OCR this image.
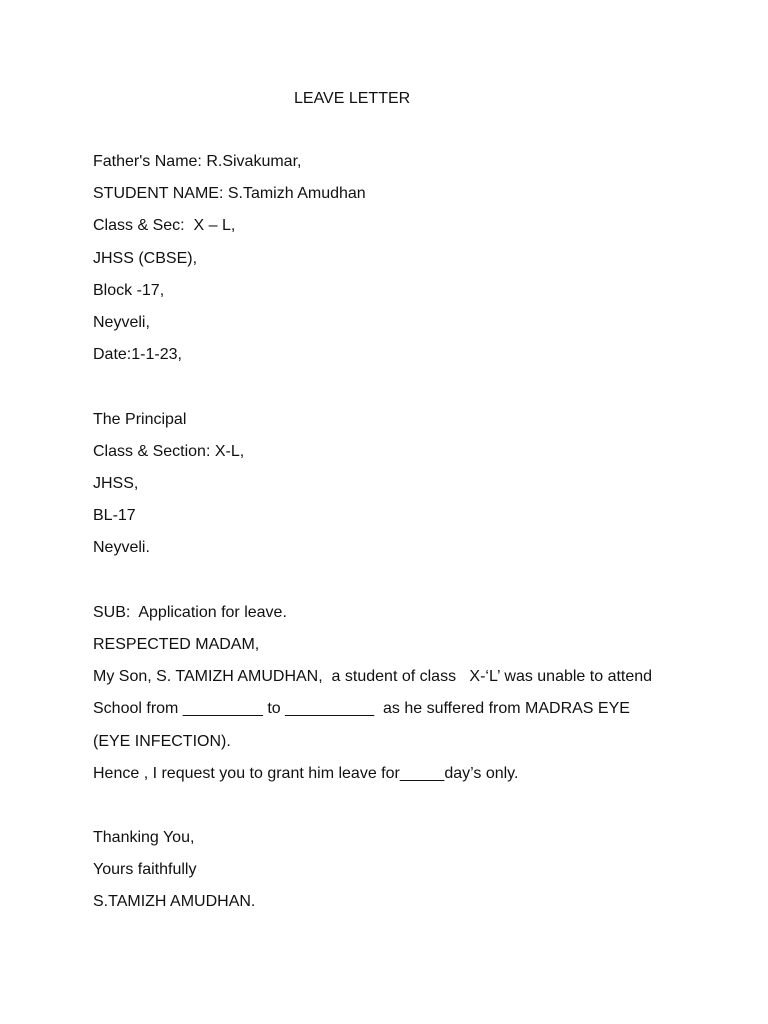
LEAVE LETTER
Father's Name: R.Sivakumar,
STUDENT NAME: S.Tamizh Amudhan
Class & Sec:  X – L,
JHSS (CBSE),
Block -17,
Neyveli,
Date:1-1-23,
The Principal
Class & Section: X-L,
JHSS,
BL-17
Neyveli.
SUB:  Application for leave.
RESPECTED MADAM,
My Son, S. TAMIZH AMUDHAN,  a student of class   X-‘L’ was unable to attend
School from _________ to __________  as he suffered from MADRAS EYE
(EYE INFECTION).
Hence , I request you to grant him leave for_____day’s only.
Thanking You,
Yours faithfully
S.TAMIZH AMUDHAN.
